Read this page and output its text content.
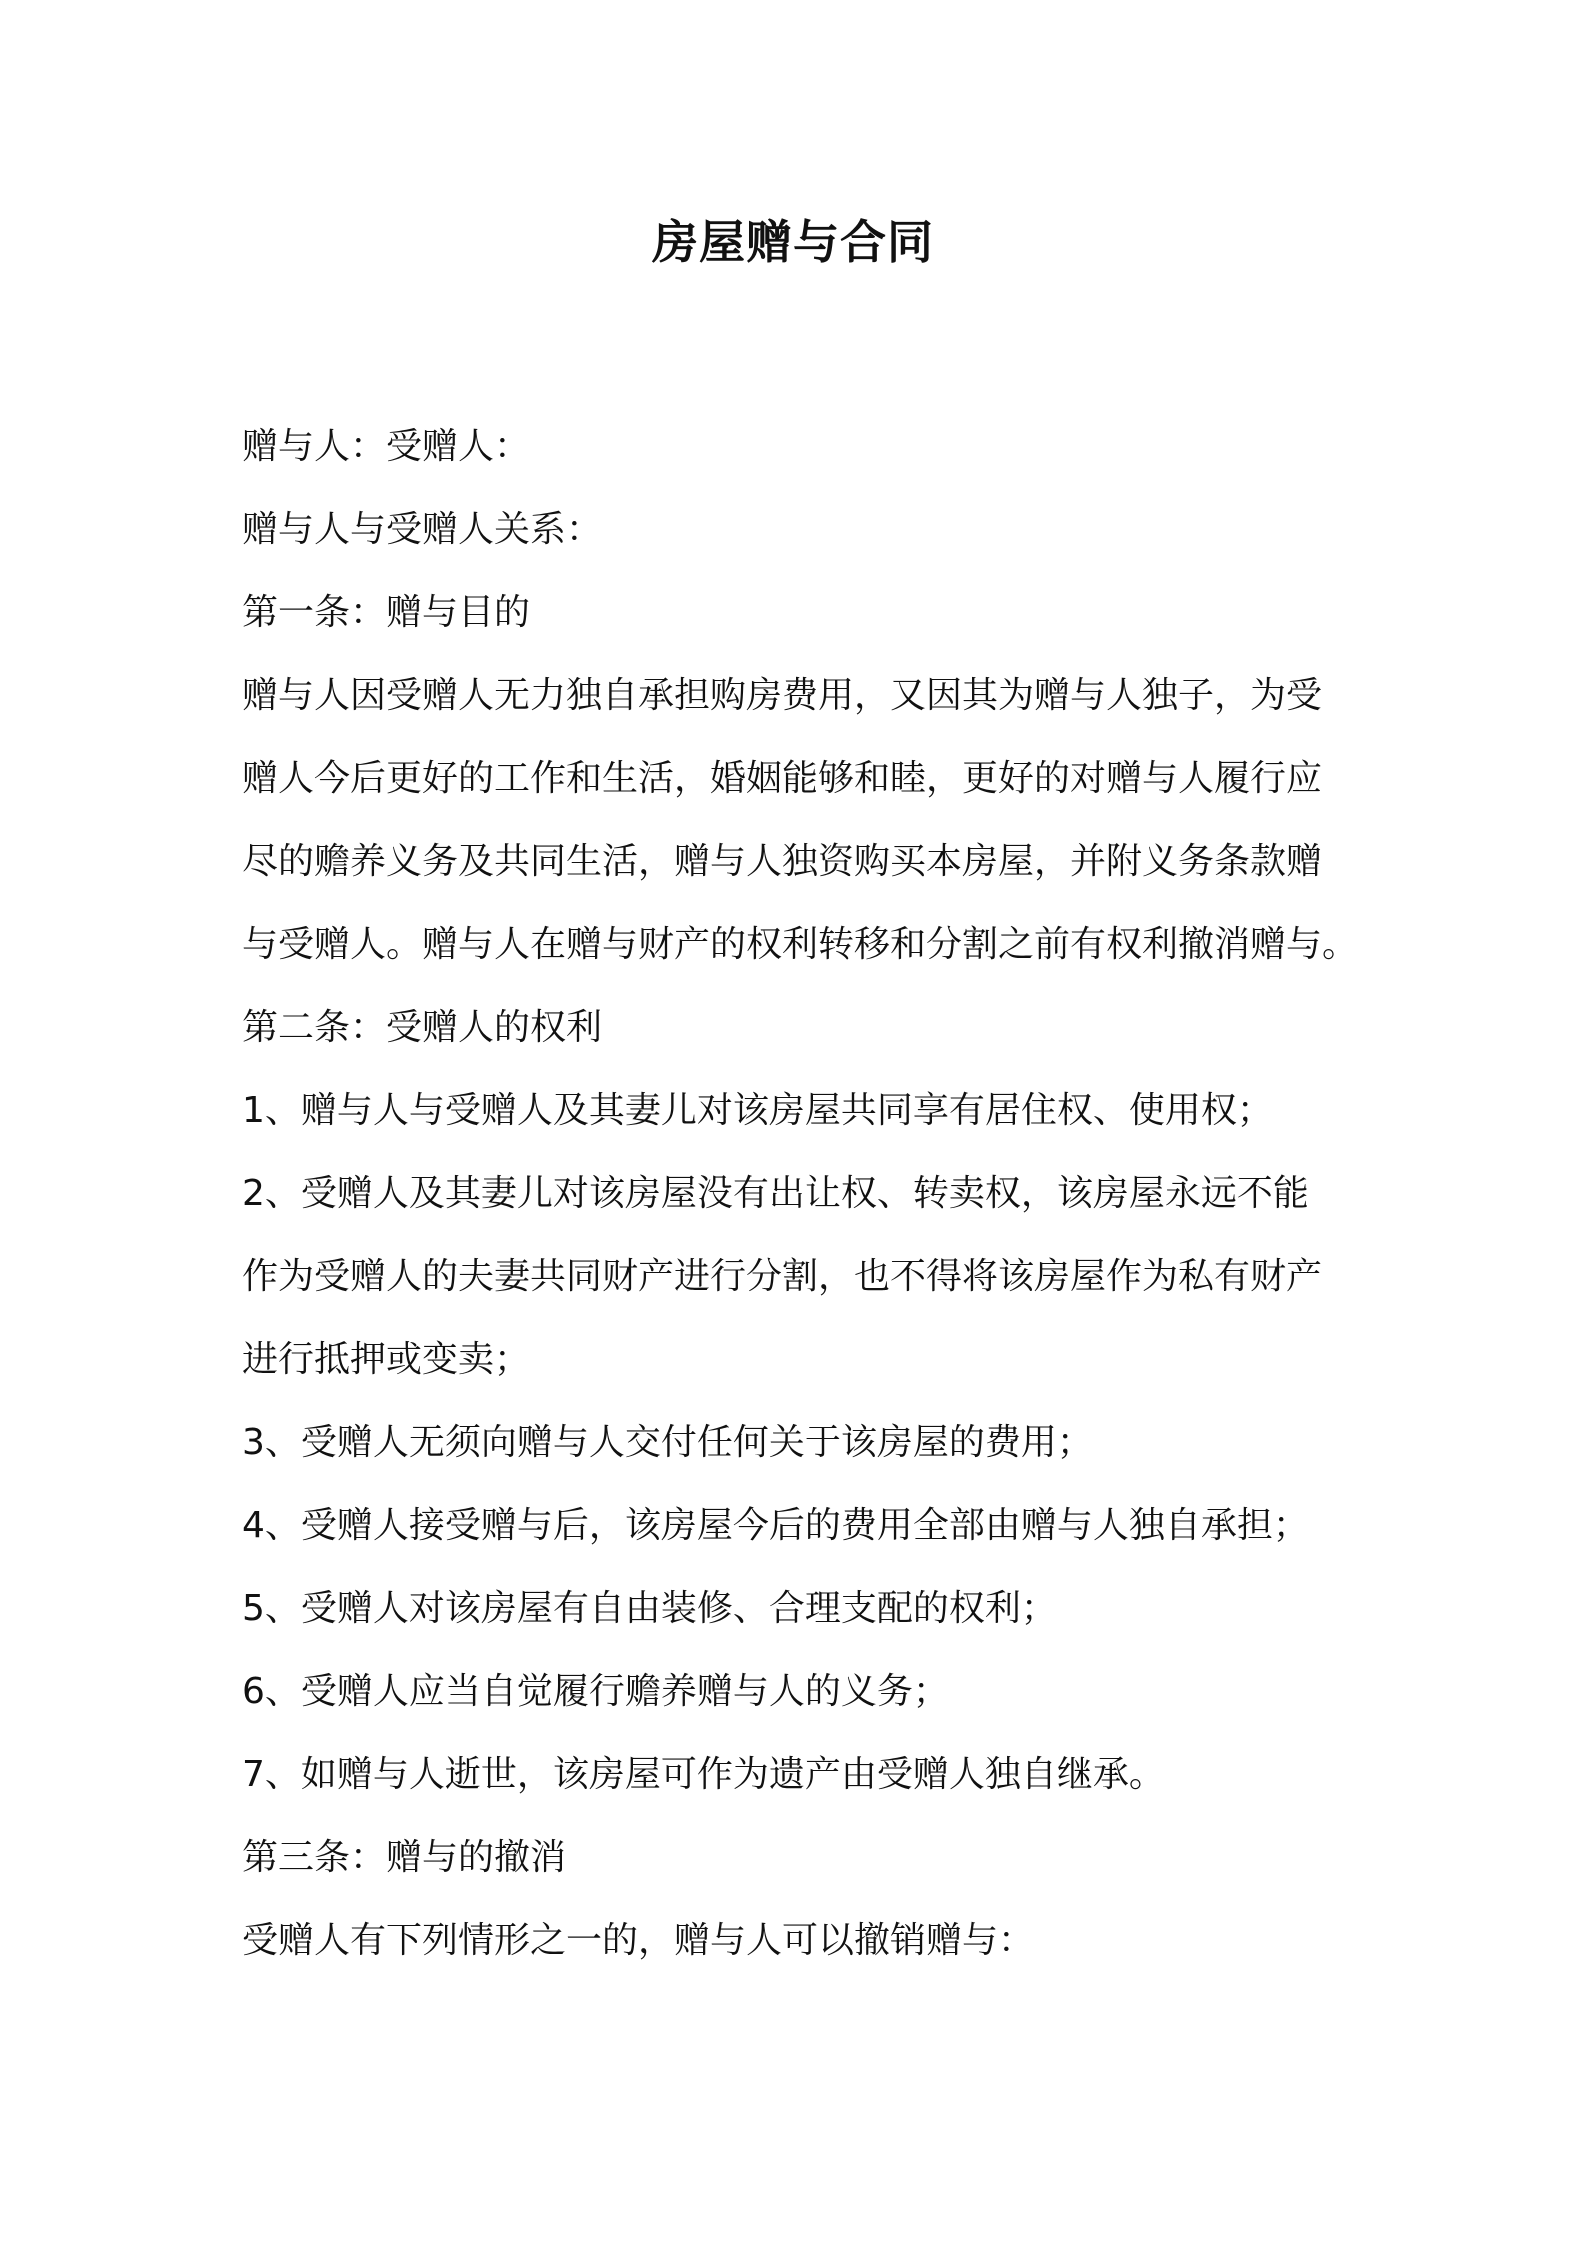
房屋赠与合同
赠与人：受赠人：
赠与人与受赠人关系：
第一条：赠与目的
赠与人因受赠人无力独自承担购房费用，又因其为赠与人独子，为受
赠人今后更好的工作和生活，婚姻能够和睦，更好的对赠与人履行应
尽的赡养义务及共同生活，赠与人独资购买本房屋，并附义务条款赠
与受赠人。赠与人在赠与财产的权利转移和分割之前有权利撤消赠与。
第二条：受赠人的权利
1、赠与人与受赠人及其妻儿对该房屋共同享有居住权、使用权；
2、受赠人及其妻儿对该房屋没有出让权、转卖权，该房屋永远不能
作为受赠人的夫妻共同财产进行分割，也不得将该房屋作为私有财产
进行抵押或变卖；
3、受赠人无须向赠与人交付任何关于该房屋的费用；
4、受赠人接受赠与后，该房屋今后的费用全部由赠与人独自承担；
5、受赠人对该房屋有自由装修、合理支配的权利；
6、受赠人应当自觉履行赡养赠与人的义务；
7、如赠与人逝世，该房屋可作为遗产由受赠人独自继承。
第三条：赠与的撤消
受赠人有下列情形之一的，赠与人可以撤销赠与：
